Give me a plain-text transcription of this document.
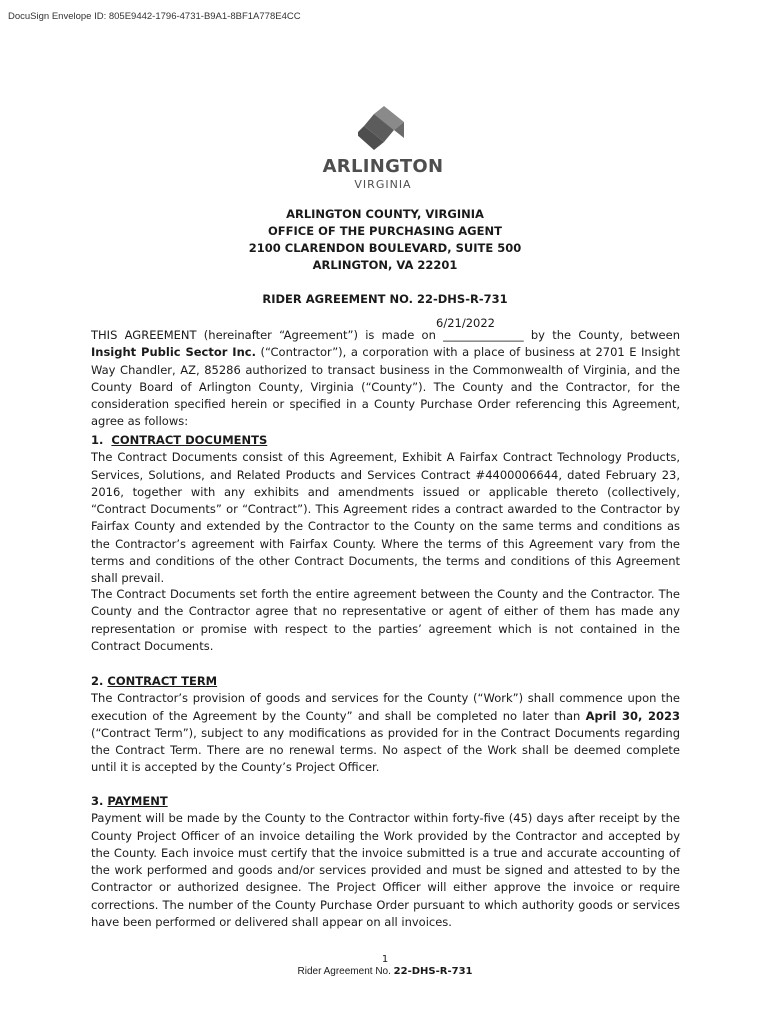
DocuSign Envelope ID: 805E9442-1796-4731-B9A1-8BF1A778E4CC
ARLINGTON
VIRGINIA
ARLINGTON COUNTY, VIRGINIA
OFFICE OF THE PURCHASING AGENT
2100 CLARENDON BOULEVARD, SUITE 500
ARLINGTON, VA 22201
RIDER AGREEMENT NO. 22-DHS-R-731
6/21/2022

THIS AGREEMENT (hereinafter “Agreement”) is made on ______________ by the County, between Insight Public Sector Inc. (“Contractor”), a corporation with a place of business at 2701 E Insight Way Chandler, AZ, 85286 authorized to transact business in the Commonwealth of Virginia, and the County Board of Arlington County, Virginia (“County”). The County and the Contractor, for the consideration specified herein or specified in a County Purchase Order referencing this Agreement, agree as follows:

1. CONTRACT DOCUMENTS

The Contract Documents consist of this Agreement, Exhibit A Fairfax Contract Technology Products, Services, Solutions, and Related Products and Services Contract #4400006644, dated February 23, 2016, together with any exhibits and amendments issued or applicable thereto (collectively, “Contract Documents” or “Contract”). This Agreement rides a contract awarded to the Contractor by Fairfax County and extended by the Contractor to the County on the same terms and conditions as the Contractor’s agreement with Fairfax County. Where the terms of this Agreement vary from the terms and conditions of the other Contract Documents, the terms and conditions of this Agreement shall prevail.

The Contract Documents set forth the entire agreement between the County and the Contractor. The County and the Contractor agree that no representative or agent of either of them has made any representation or promise with respect to the parties’ agreement which is not contained in the Contract Documents.

2. CONTRACT TERM

The Contractor’s provision of goods and services for the County (“Work”) shall commence upon the execution of the Agreement by the County” and shall be completed no later than April 30, 2023 (“Contract Term”), subject to any modifications as provided for in the Contract Documents regarding the Contract Term. There are no renewal terms. No aspect of the Work shall be deemed complete until it is accepted by the County’s Project Officer.

3. PAYMENT

Payment will be made by the County to the Contractor within forty-five (45) days after receipt by the County Project Officer of an invoice detailing the Work provided by the Contractor and accepted by the County. Each invoice must certify that the invoice submitted is a true and accurate accounting of the work performed and goods and/or services provided and must be signed and attested to by the Contractor or authorized designee. The Project Officer will either approve the invoice or require corrections. The number of the County Purchase Order pursuant to which authority goods or services have been performed or delivered shall appear on all invoices.

1
Rider Agreement No. 22-DHS-R-731
